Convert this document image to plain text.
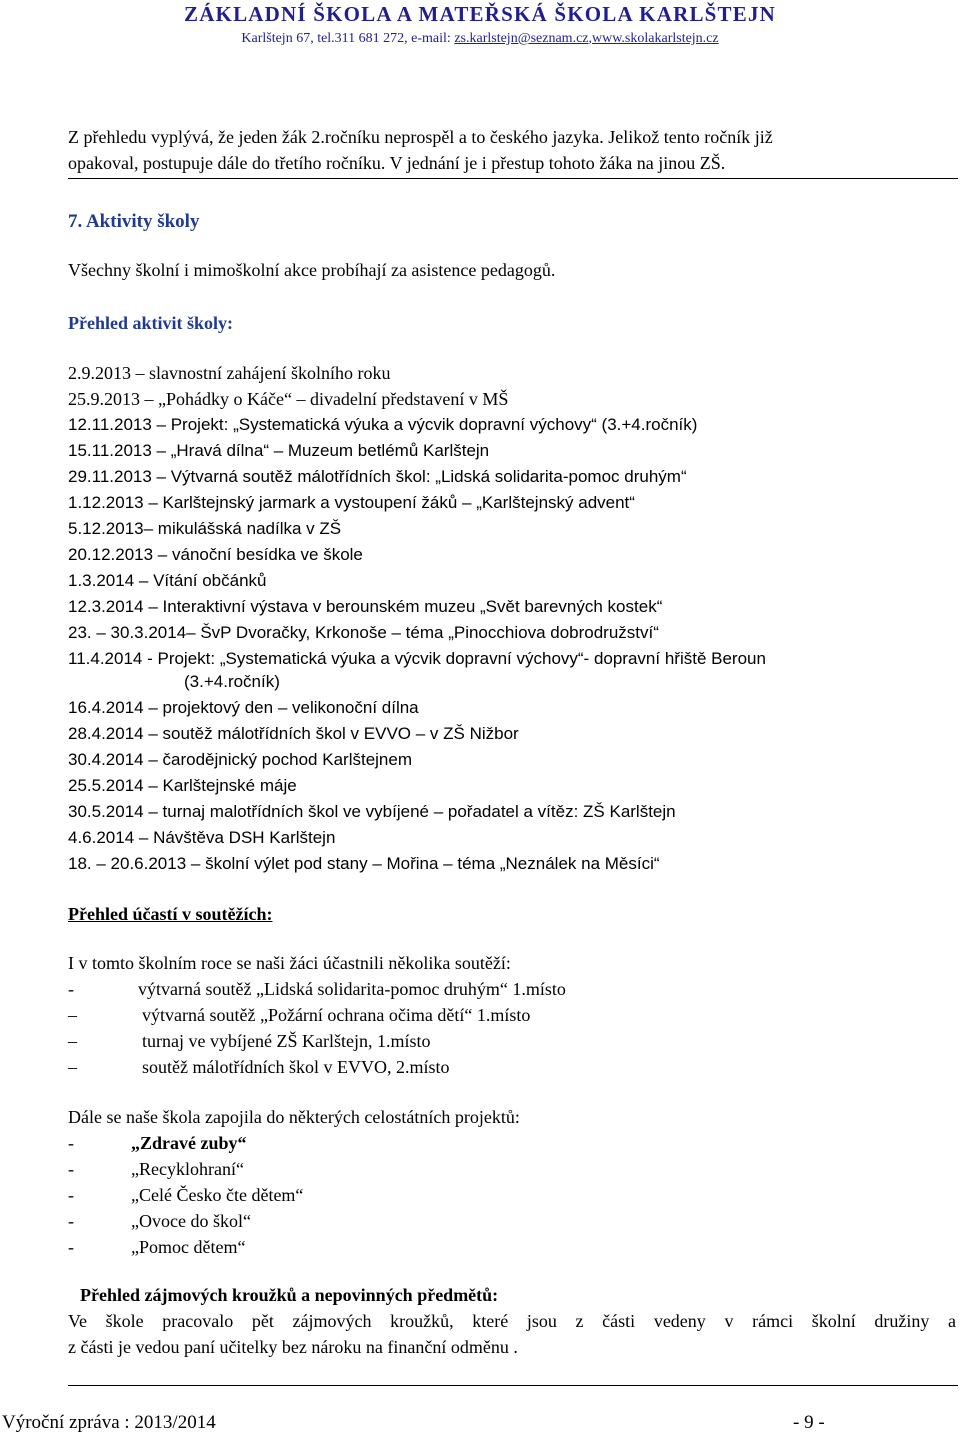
ZÁKLADNÍ ŠKOLA A MATEŘSKÁ ŠKOLA KARLŠTEJN
Karlštejn 67, tel.311 681 272, e-mail: zs.karlstejn@seznam.cz,www.skolakarlstejn.cz
Z přehledu vyplývá, že jeden žák 2.ročníku neprospěl a to českého jazyka. Jelikož tento ročník již
opakoval, postupuje dále do třetího ročníku. V jednání je i přestup tohoto žáka na jinou ZŠ.
7. Aktivity školy
Všechny školní i mimoškolní akce probíhají za asistence pedagogů.
Přehled aktivit školy:
2.9.2013 – slavnostní zahájení školního roku
25.9.2013 – „Pohádky o Káče“ – divadelní představení v MŠ
12.11.2013 – Projekt: „Systematická výuka a výcvik dopravní výchovy“ (3.+4.ročník)
15.11.2013 – „Hravá dílna“ – Muzeum betlémů Karlštejn
29.11.2013 – Výtvarná soutěž málotřídních škol: „Lidská solidarita-pomoc druhým“
1.12.2013 – Karlštejnský jarmark a vystoupení žáků – „Karlštejnský advent“
5.12.2013– mikulášská nadílka v ZŠ
20.12.2013 – vánoční besídka ve škole
1.3.2014 – Vítání občánků
12.3.2014 – Interaktivní výstava v berounském muzeu „Svět barevných kostek“
23. – 30.3.2014– ŠvP Dvoračky, Krkonoše – téma „Pinocchiova dobrodružství“
11.4.2014 - Projekt: „Systematická výuka a výcvik dopravní výchovy“- dopravní hřiště Beroun
(3.+4.ročník)
16.4.2014 – projektový den – velikonoční dílna
28.4.2014 – soutěž málotřídních škol v EVVO – v ZŠ Nižbor
30.4.2014 – čarodějnický pochod Karlštejnem
25.5.2014 – Karlštejnské máje
30.5.2014 – turnaj malotřídních škol ve vybíjené – pořadatel a vítěz: ZŠ Karlštejn
4.6.2014 – Návštěva DSH Karlštejn
18. – 20.6.2013 – školní výlet pod stany – Mořina – téma „Neználek na Měsíci“
Přehled účastí v soutěžích:
I v tomto školním roce se naši žáci účastnili několika soutěží:
-	výtvarná soutěž „Lidská solidarita-pomoc druhým“ 1.místo
–	výtvarná soutěž „Požární ochrana očima dětí“ 1.místo
–	turnaj ve vybíjené ZŠ Karlštejn, 1.místo
–	soutěž málotřídních škol v EVVO, 2.místo
Dále se naše škola zapojila do některých celostátních projektů:
-	„Zdravé zuby“
-	„Recyklohraní“
-	„Celé Česko čte dětem“
-	„Ovoce do škol“
-	„Pomoc dětem“
Přehled zájmových kroužků a nepovinných předmětů:
Ve škole pracovalo pět zájmových kroužků, které jsou z části vedeny v rámci školní družiny a
z části je vedou paní učitelky bez nároku na finanční odměnu .
Výroční zpráva : 2013/2014	- 9 -
